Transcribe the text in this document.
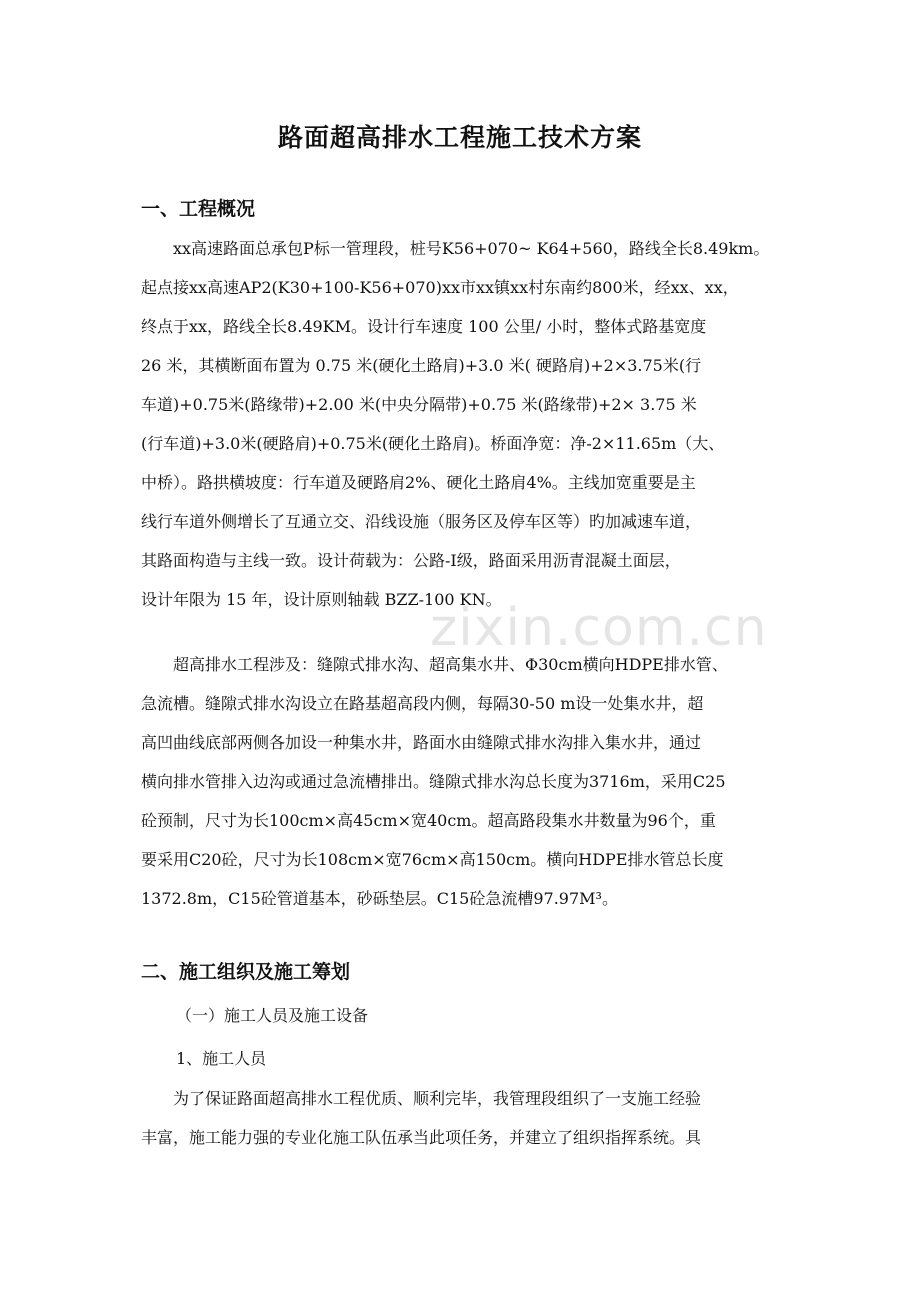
路面超高排水工程施工技术方案
一、工程概况
xx高速路面总承包P标一管理段，桩号K56+070~ K64+560，路线全长8.49km。
起点接xx高速AP2(K30+100-K56+070)xx市xx镇xx村东南约800米，经xx、xx，
终点于xx，路线全长8.49KM。设计行车速度 100 公里/ 小时，整体式路基宽度
26 米，其横断面布置为 0.75 米(硬化土路肩)+3.0 米( 硬路肩)+2×3.75米(行
车道)+0.75米(路缘带)+2.00 米(中央分隔带)+0.75 米(路缘带)+2× 3.75 米
(行车道)+3.0米(硬路肩)+0.75米(硬化土路肩)。桥面净宽：净-2×11.65m（大、
中桥）。路拱横坡度：行车道及硬路肩2%、硬化土路肩4%。主线加宽重要是主
线行车道外侧增长了互通立交、沿线设施（服务区及停车区等）旳加减速车道，
其路面构造与主线一致。设计荷载为：公路-Ⅰ级，路面采用沥青混凝土面层，
设计年限为 15 年，设计原则轴载 BZZ-100 KN。
超高排水工程涉及：缝隙式排水沟、超高集水井、Φ30cm横向HDPE排水管、
急流槽。缝隙式排水沟设立在路基超高段内侧，每隔30-50 m设一处集水井，超
高凹曲线底部两侧各加设一种集水井，路面水由缝隙式排水沟排入集水井，通过
横向排水管排入边沟或通过急流槽排出。缝隙式排水沟总长度为3716m，采用C25
砼预制，尺寸为长100cm×高45cm×宽40cm。超高路段集水井数量为96个，重
要采用C20砼，尺寸为长108cm×宽76cm×高150cm。横向HDPE排水管总长度
1372.8m，C15砼管道基本，砂砾垫层。C15砼急流槽97.97M³。
二、施工组织及施工筹划
（一）施工人员及施工设备
1、施工人员
为了保证路面超高排水工程优质、顺利完毕，我管理段组织了一支施工经验
丰富，施工能力强的专业化施工队伍承当此项任务，并建立了组织指挥系统。具
zixin.com.cn
